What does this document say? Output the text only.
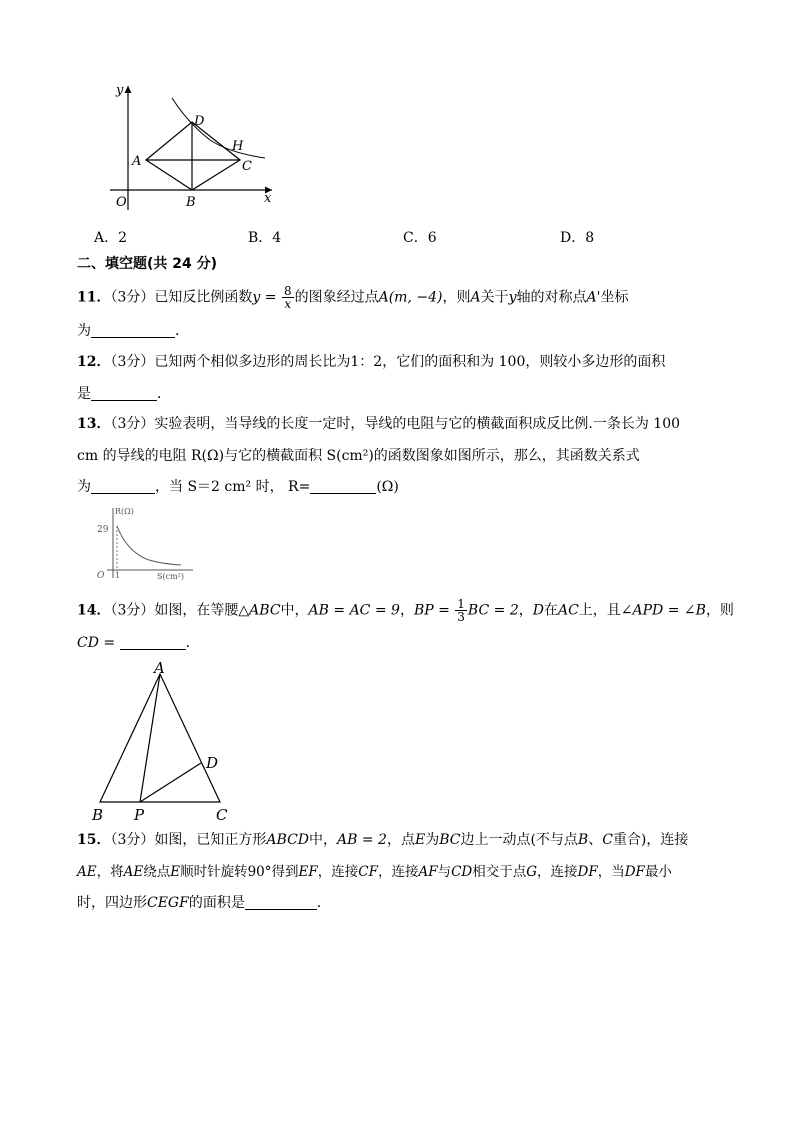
y
x
O
A
B
C
D
H
A．2	B．4	C．6	D．8
二、填空题(共 24 分)
11．（3分）已知反比例函数$y = \frac{8}{x}$ 的图象经过点A(m, −4)，则A关于y轴的对称点A'坐标
为	.
12．（3分）已知两个相似多边形的周长比为1：2，它们的面积和为 100，则较小多边形的面积
是	．
13．（3分）实验表明，当导线的长度一定时，导线的电阻与它的横截面积成反比例.一条长为 100
cm 的导线的电阻 R(Ω)与它的横截面积 S(cm²)的函数图象如图所示，那么，其函数关系式
为	，当 S＝2 cm² 时， R=	(Ω)
R(Ω)
S(cm²)
29
O 1
14．（3分）如图，在等腰△ABC中，AB = AC = 9，BP = $\frac{1}{3}$ BC = 2，D在AC上，且∠APD = ∠B，则
CD =	．
A
B P	C
D
15．（3分）如图，已知正方形ABCD中，AB = 2，点E为BC边上一动点(不与点B、C重合)，连接
AE，将AE绕点E顺时针旋转90°得到EF，连接CF，连接AF与CD相交于点G，连接DF，当DF最小
时，四边形CEGF的面积是	．
